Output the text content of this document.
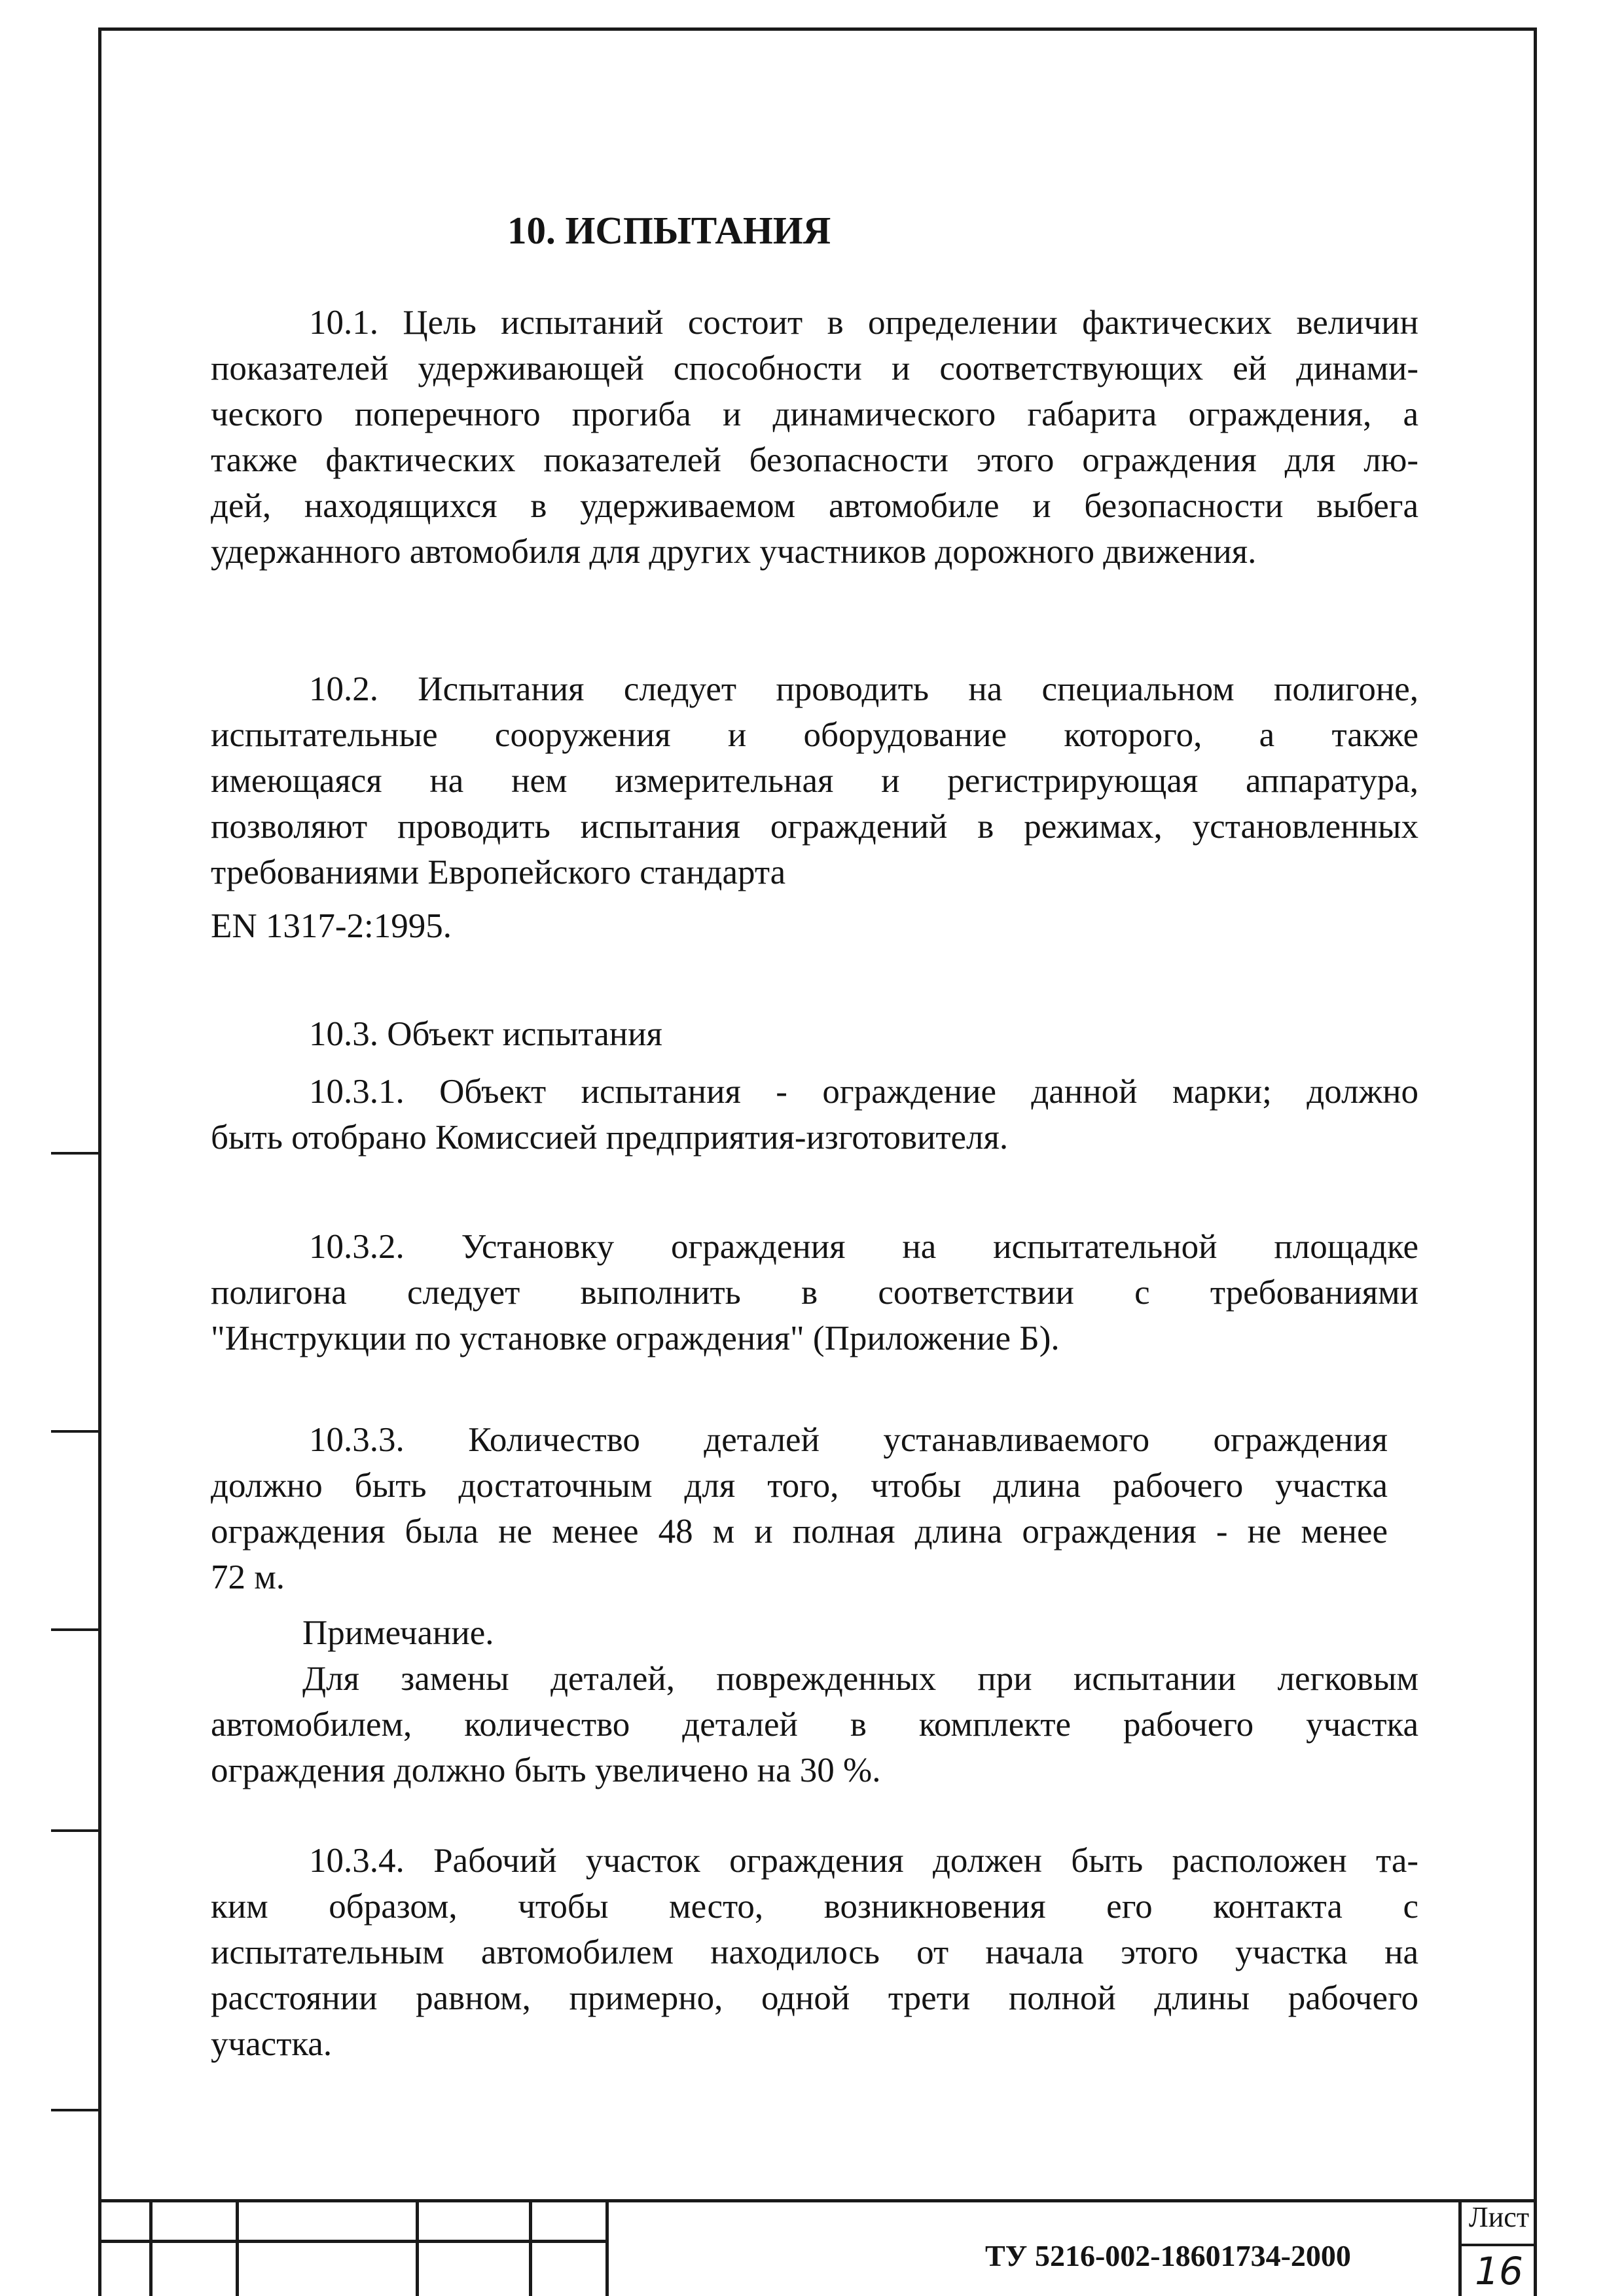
10. ИСПЫТАНИЯ

10.1. Цель испытаний состоит в определении фактических величин
показателей удерживающей способности и соответствующих ей динами-
ческого поперечного прогиба и динамического габарита ограждения, а
также фактических показателей безопасности этого ограждения для лю-
дей, находящихся в удерживаемом автомобиле и безопасности выбега
удержанного автомобиля для других участников дорожного движения.

10.2. Испытания следует проводить на специальном полигоне,
испытательные сооружения и оборудование которого, а также
имеющаяся на нем измерительная и регистрирующая аппаратура,
позволяют проводить испытания ограждений в режимах, установленных
требованиями Европейского стандарта
EN 1317-2:1995.

10.3. Объект испытания

10.3.1. Объект испытания - ограждение данной марки; должно
быть отобрано Комиссией предприятия-изготовителя.

10.3.2. Установку ограждения на испытательной площадке
полигона следует выполнить в соответствии с требованиями
"Инструкции по установке ограждения" (Приложение Б).

10.3.3. Количество деталей устанавливаемого ограждения
должно быть достаточным для того, чтобы длина рабочего участка
ограждения была не менее 48 м и полная длина ограждения - не менее
72 м.

Примечание.
Для замены деталей, поврежденных при испытании легковым
автомобилем, количество деталей в комплекте рабочего участка
ограждения должно быть увеличено на 30 %.

10.3.4. Рабочий участок ограждения должен быть расположен та-
ким образом, чтобы место, возникновения его контакта с
испытательным автомобилем находилось от начала этого участка на
расстоянии равном, примерно, одной трети полной длины рабочего
участка.

ТУ 5216-002-18601734-2000
Лист
16
